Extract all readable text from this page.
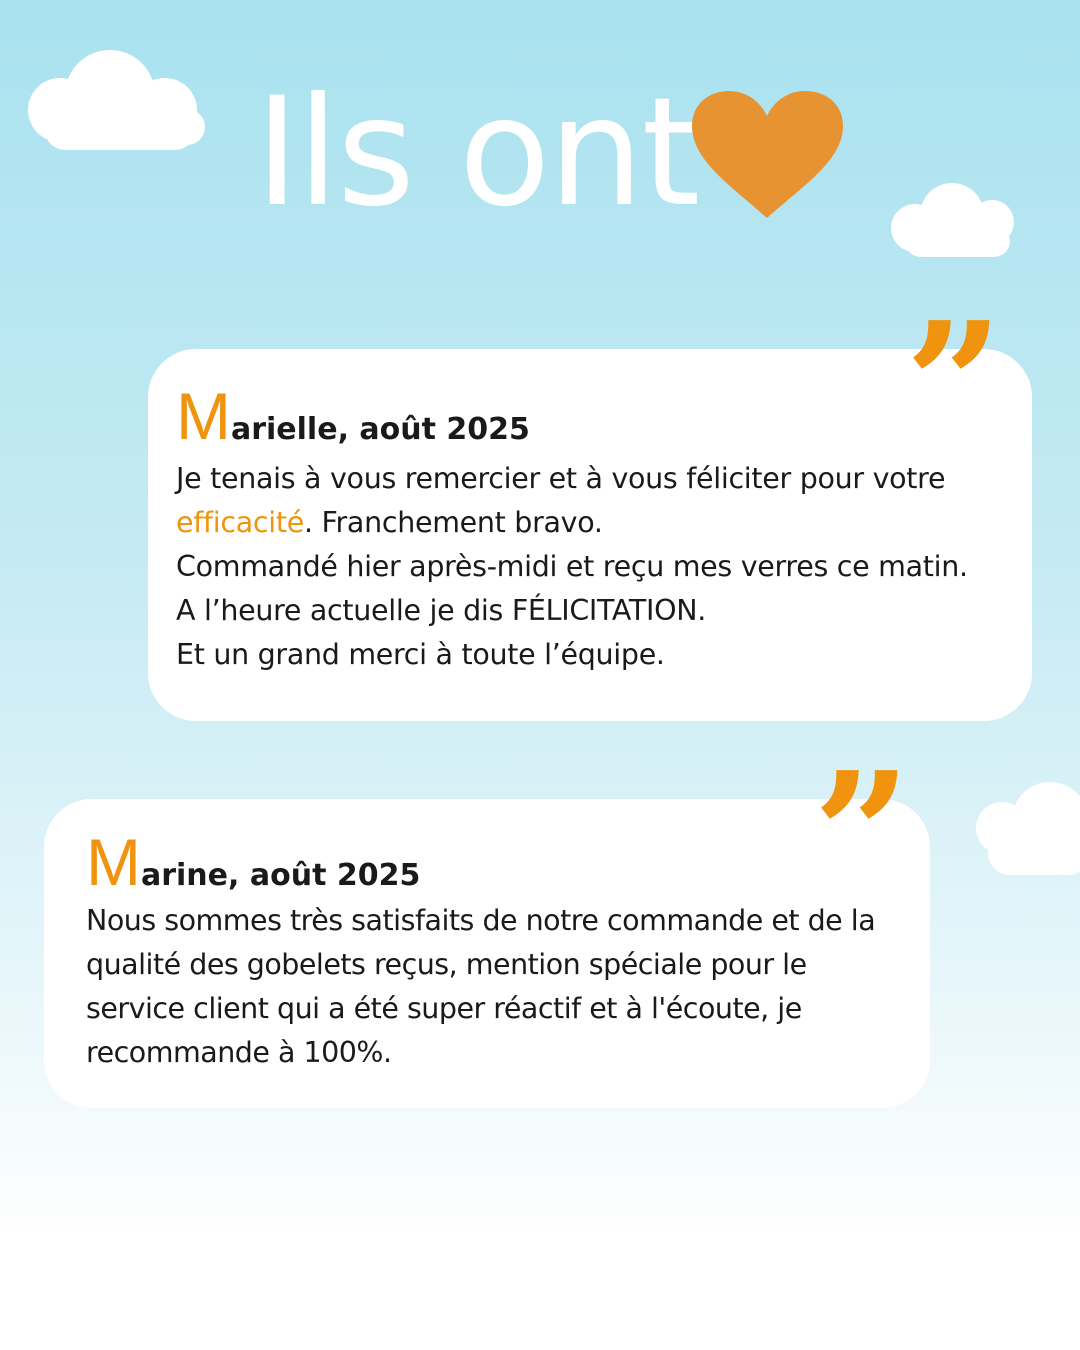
Ils ont
Marielle, août 2025
Je tenais à vous remercier et à vous féliciter pour votre
efficacité. Franchement bravo.
Commandé hier après-midi et reçu mes verres ce matin.
A l’heure actuelle je dis FÉLICITATION.
Et un grand merci à toute l’équipe.
”
Marine, août 2025
Nous sommes très satisfaits de notre commande et de la qualité des gobelets reçus, mention spéciale pour le service client qui a été super réactif et à l'écoute, je recommande à 100%.
”
